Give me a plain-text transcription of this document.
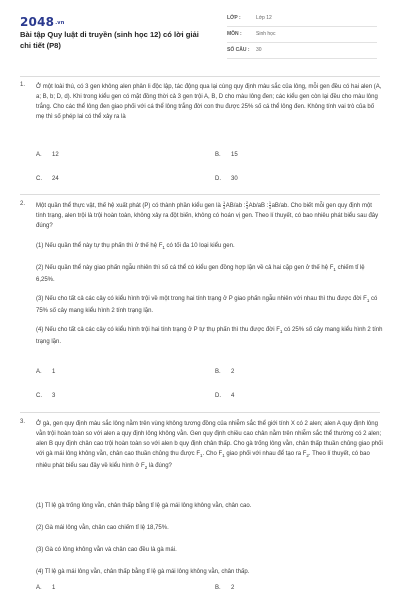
2048.vn
Bài tập Quy luật di truyền (sinh học 12) có lời giải chi tiết (P8)
LỚP :	Lớp 12
MÔN :	Sinh học
SỐ CÂU : 30
1. Ở một loài thú, có 3 gen không alen phân li độc lập, tác động qua lại cùng quy định màu sắc của lông, mỗi gen đều có hai alen (A, a; B, b; D, d). Khi trong kiểu gen có mặt đồng thời cả 3 gen trội A, B, D cho màu lông đen; các kiểu gen còn lại đều cho màu lông trắng. Cho các thể lông đen giao phối với cá thể lông trắng đời con thu được 25% số cá thể lông đen. Không tính vai trò của bố mẹ thì số phép lai có thể xảy ra là

A. 12	B. 15
C. 24	D. 30
2. Một quần thể thực vật, thế hệ xuất phát (P) có thành phần kiểu gen là $\frac{1}{4} AB/ab$ : $\frac{2}{4} Ab/aB$ : $\frac{1}{4} aB/ab$. Cho biết mỗi gen quy định một tính trạng, alen trội là trội hoàn toàn, không xảy ra đột biến, không có hoán vị gen. Theo lí thuyết, có bao nhiêu phát biểu sau đây đúng?

(1) Nếu quần thể này tự thụ phấn thì ở thế hệ $F_1$ có tối đa 10 loại kiểu gen.

(2) Nếu quần thể này giao phấn ngẫu nhiên thì số cá thể có kiểu gen đồng hợp lặn về cả hai cặp gen ở thế hệ $F_1$ chiếm tỉ lệ 6,25%.

(3) Nếu cho tất cả các cây có kiểu hình trội về một trong hai tính trạng ở P giao phấn ngẫu nhiên với nhau thì thu được đời $F_1$ có 75% số cây mang kiểu hình 2 tính trạng lặn.

(4) Nếu cho tất cả các cây có kiểu hình trội hai tính trạng ở P tự thụ phấn thì thu được đời $F_1$ có 25% số cây mang kiểu hình 2 tính trạng lặn.

A. 1	B. 2
C. 3	D. 4
3. Ở gà, gen quy định màu sắc lông nằm trên vùng không tương đồng của nhiễm sắc thể giới tính X có 2 alen; alen A quy định lông vằn trội hoàn toàn so với alen a quy định lông không vằn. Gen quy định chiều cao chân nằm trên nhiễm sắc thể thường có 2 alen; alen B quy định chân cao trội hoàn toàn so với alen b quy định chân thấp. Cho gà trống lông vằn, chân thấp thuần chủng giao phối với gà mái lông không vằn, chân cao thuần chủng thu được $F_1$. Cho $F_1$ giao phối với nhau để tạo ra $F_2$. Theo lí thuyết, có bao nhiêu phát biểu sau đây về kiểu hình ở $F_2$ là đúng?

(1) Tỉ lệ gà trống lông vằn, chân thấp bằng tỉ lệ gà mái lông không vằn, chân cao.

(2) Gà mái lông vằn, chân cao chiếm tỉ lệ 18,75%.

(3) Gà có lông không vằn và chân cao đều là gà mái.

(4) Tỉ lệ gà mái lông vằn, chân thấp bằng tỉ lệ gà mái lông không vằn, chân thấp.

A. 1	B. 2
